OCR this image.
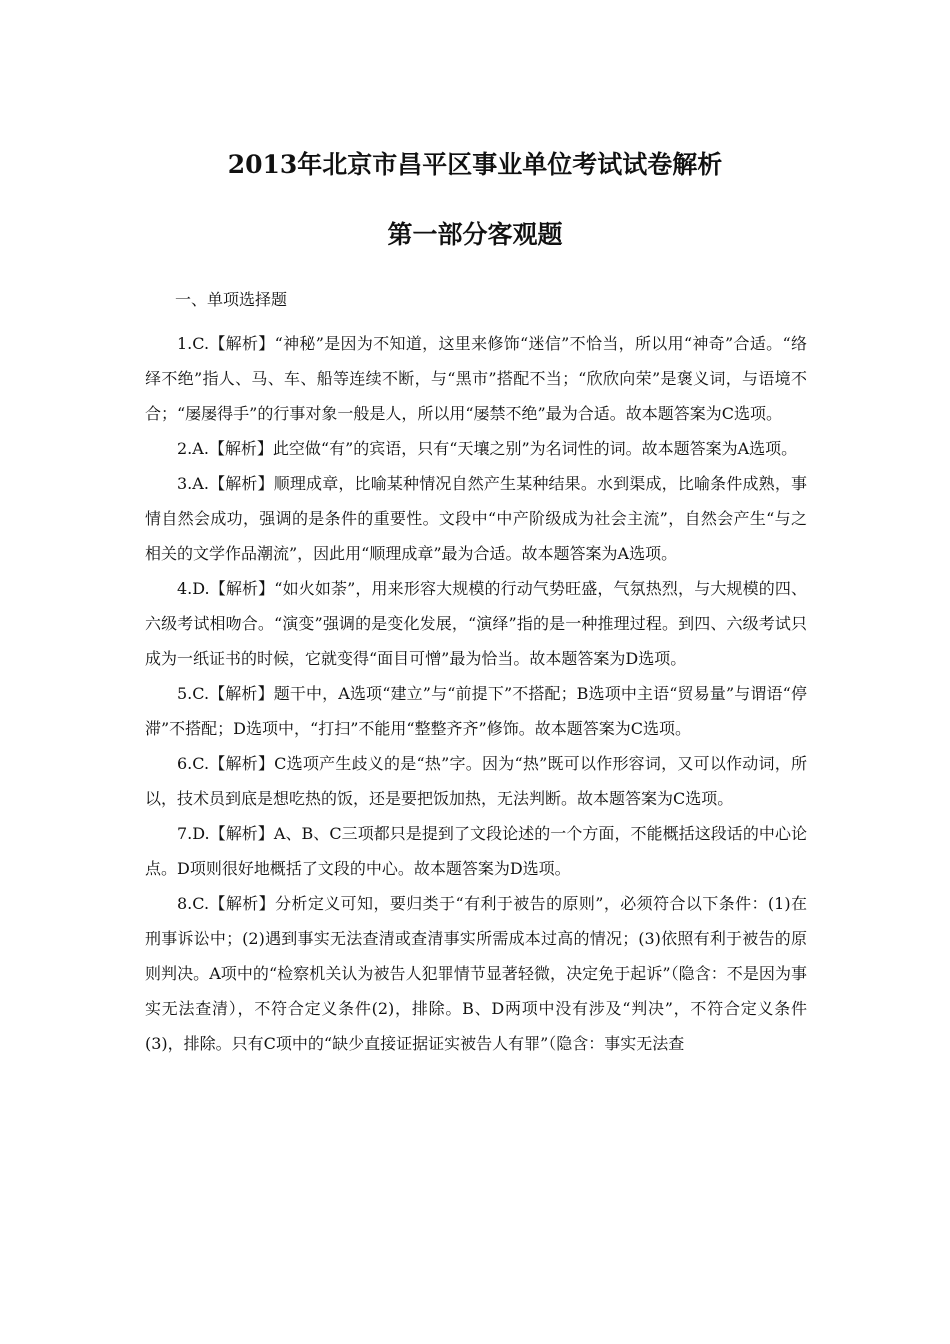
2013年北京市昌平区事业单位考试试卷解析
第一部分客观题

一、单项选择题

1.C.【解析】“神秘”是因为不知道，这里来修饰“迷信”不恰当，所以用“神奇”合适。“络绎不绝”指人、马、车、船等连续不断，与“黑市”搭配不当；“欣欣向荣”是褒义词，与语境不合；“屡屡得手”的行事对象一般是人，所以用“屡禁不绝”最为合适。故本题答案为C选项。

2.A.【解析】此空做“有”的宾语，只有“天壤之别”为名词性的词。故本题答案为A选项。

3.A.【解析】顺理成章，比喻某种情况自然产生某种结果。水到渠成，比喻条件成熟，事情自然会成功，强调的是条件的重要性。文段中“中产阶级成为社会主流”，自然会产生“与之相关的文学作品潮流”，因此用“顺理成章”最为合适。故本题答案为A选项。

4.D.【解析】“如火如荼”，用来形容大规模的行动气势旺盛，气氛热烈，与大规模的四、六级考试相吻合。“演变”强调的是变化发展，“演绎”指的是一种推理过程。到四、六级考试只成为一纸证书的时候，它就变得“面目可憎”最为恰当。故本题答案为D选项。

5.C.【解析】题干中，A选项“建立”与“前提下”不搭配；B选项中主语“贸易量”与谓语“停滞”不搭配；D选项中，“打扫”不能用“整整齐齐”修饰。故本题答案为C选项。

6.C.【解析】C选项产生歧义的是“热”字。因为“热”既可以作形容词，又可以作动词，所以，技术员到底是想吃热的饭，还是要把饭加热，无法判断。故本题答案为C选项。

7.D.【解析】A、B、C三项都只是提到了文段论述的一个方面，不能概括这段话的中心论点。D项则很好地概括了文段的中心。故本题答案为D选项。

8.C.【解析】分析定义可知，要归类于“有利于被告的原则”，必须符合以下条件：(1)在刑事诉讼中；(2)遇到事实无法查清或查清事实所需成本过高的情况；(3)依照有利于被告的原则判决。A项中的“检察机关认为被告人犯罪情节显著轻微，决定免于起诉”（隐含：不是因为事实无法查清），不符合定义条件(2)，排除。B、D两项中没有涉及“判决”，不符合定义条件(3)，排除。只有C项中的“缺少直接证据证实被告人有罪”（隐含：事实无法查
